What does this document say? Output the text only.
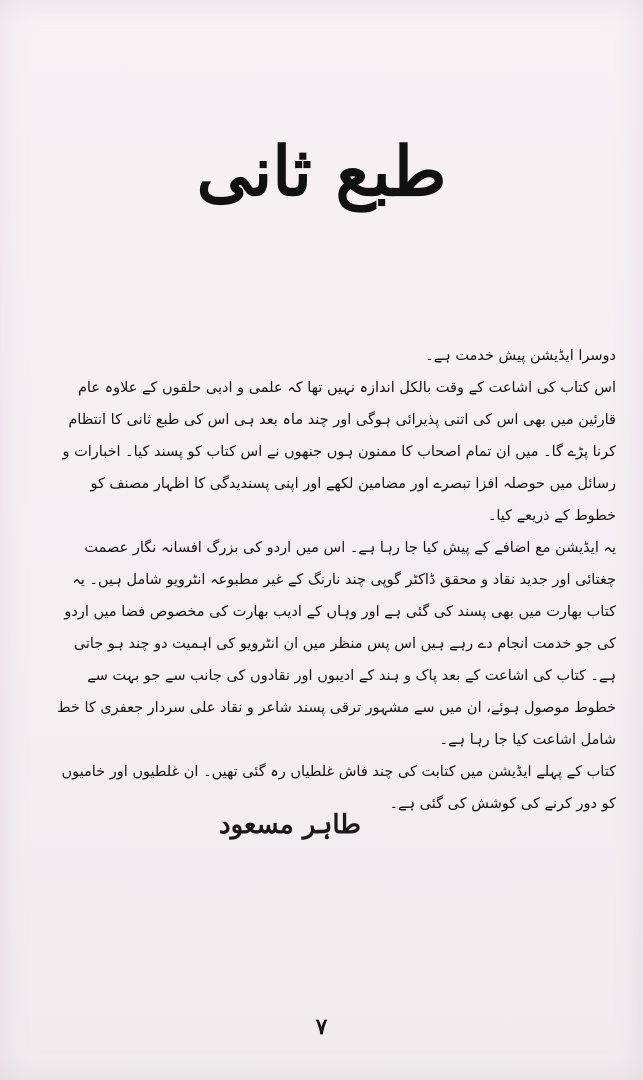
طبع ثانی

دوسرا ایڈیشن پیش خدمت ہے۔

اس کتاب کی اشاعت کے وقت بالکل اندازہ نہیں تھا کہ علمی و ادبی حلقوں کے علاوہ عام قارئین میں بھی اس کی اتنی پذیرائی ہوگی اور چند ماہ بعد ہی اس کی طبع ثانی کا انتظام کرنا پڑے گا۔ میں ان تمام اصحاب کا ممنون ہوں جنھوں نے اس کتاب کو پسند کیا۔ اخبارات و رسائل میں حوصلہ افزا تبصرے اور مضامین لکھے اور اپنی پسندیدگی کا اظہار مصنف کو خطوط کے ذریعے کیا۔

یہ ایڈیشن مع اضافے کے پیش کیا جا رہا ہے۔ اس میں اردو کی بزرگ افسانہ نگار عصمت چغتائی اور جدید نقاد و محقق ڈاکٹر گوپی چند نارنگ کے غیر مطبوعہ انٹرویو شامل ہیں۔ یہ کتاب بھارت میں بھی پسند کی گئی ہے اور وہاں کے ادیب بھارت کی مخصوص فضا میں اردو کی جو خدمت انجام دے رہے ہیں اس پس منظر میں ان انٹرویو کی اہمیت دو چند ہو جاتی ہے۔ کتاب کی اشاعت کے بعد پاک و ہند کے ادیبوں اور نقادوں کی جانب سے جو بہت سے خطوط موصول ہوئے، ان میں سے مشہور ترقی پسند شاعر و نقاد علی سردار جعفری کا خط شامل اشاعت کیا جا رہا ہے۔

کتاب کے پہلے ایڈیشن میں کتابت کی چند فاش غلطیاں رہ گئی تھیں۔ ان غلطیوں اور خامیوں کو دور کرنے کی کوشش کی گئی ہے۔

طاہر مسعود
۷
